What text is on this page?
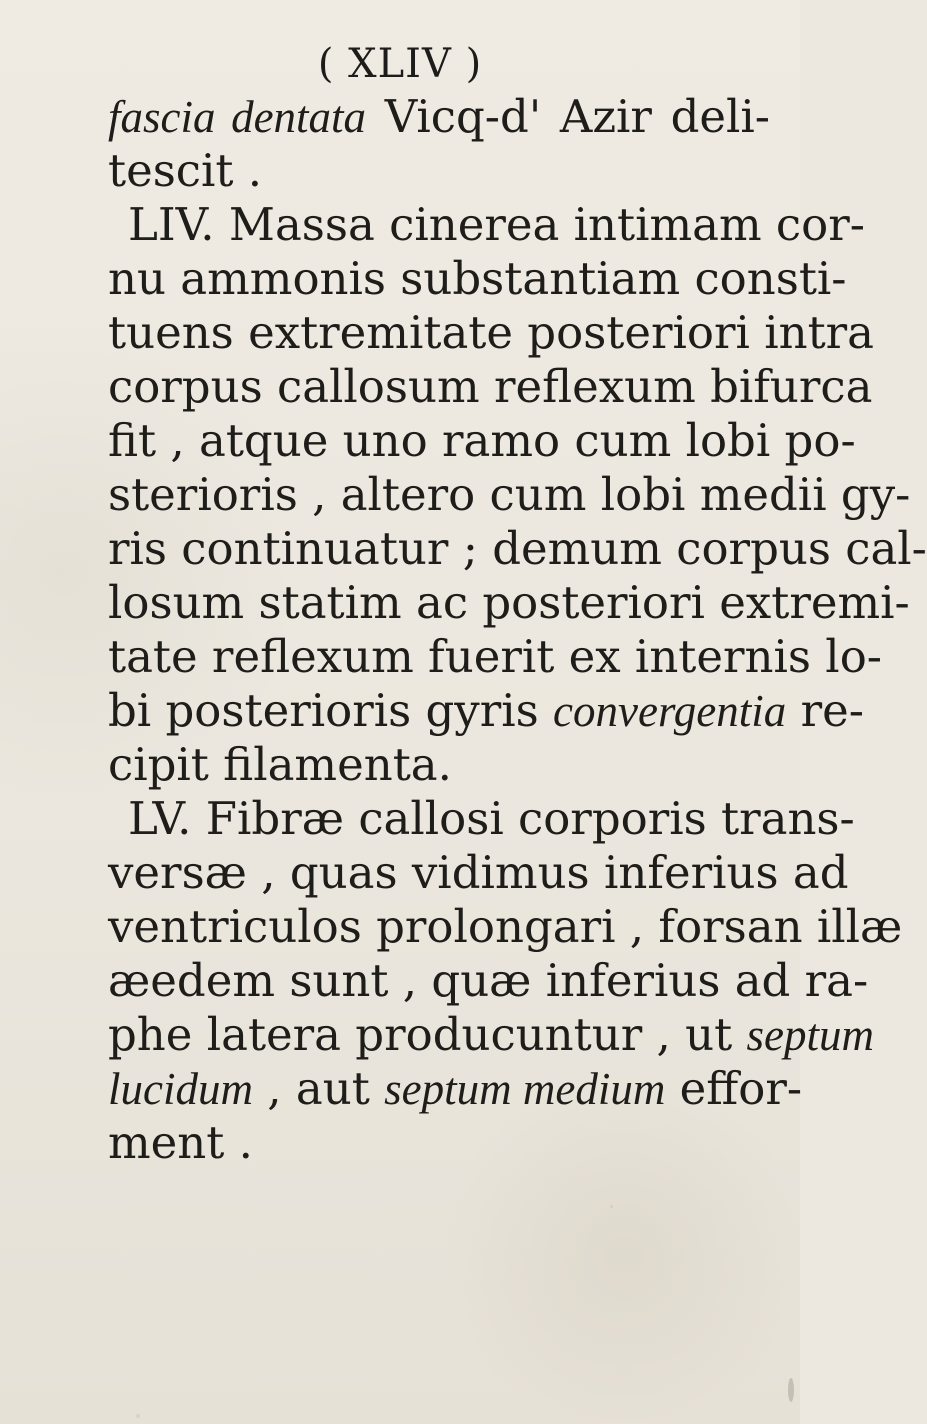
( XLIV )
fascia dentata Vicq-d' Azir deli-
tescit .
LIV. Massa cinerea intimam cor-
nu ammonis substantiam consti-
tuens extremitate posteriori intra
corpus callosum reflexum bifurca
fit , atque uno ramo cum lobi po-
sterioris , altero cum lobi medii gy-
ris continuatur ; demum corpus cal-
losum statim ac posteriori extremi-
tate reflexum fuerit ex internis lo-
bi posterioris gyris convergentia re-
cipit filamenta.
LV. Fibræ callosi corporis trans-
versæ , quas vidimus inferius ad
ventriculos prolongari , forsan illæ
æedem sunt , quæ inferius ad ra-
phe latera producuntur , ut septum
lucidum , aut septum medium effor-
ment .
